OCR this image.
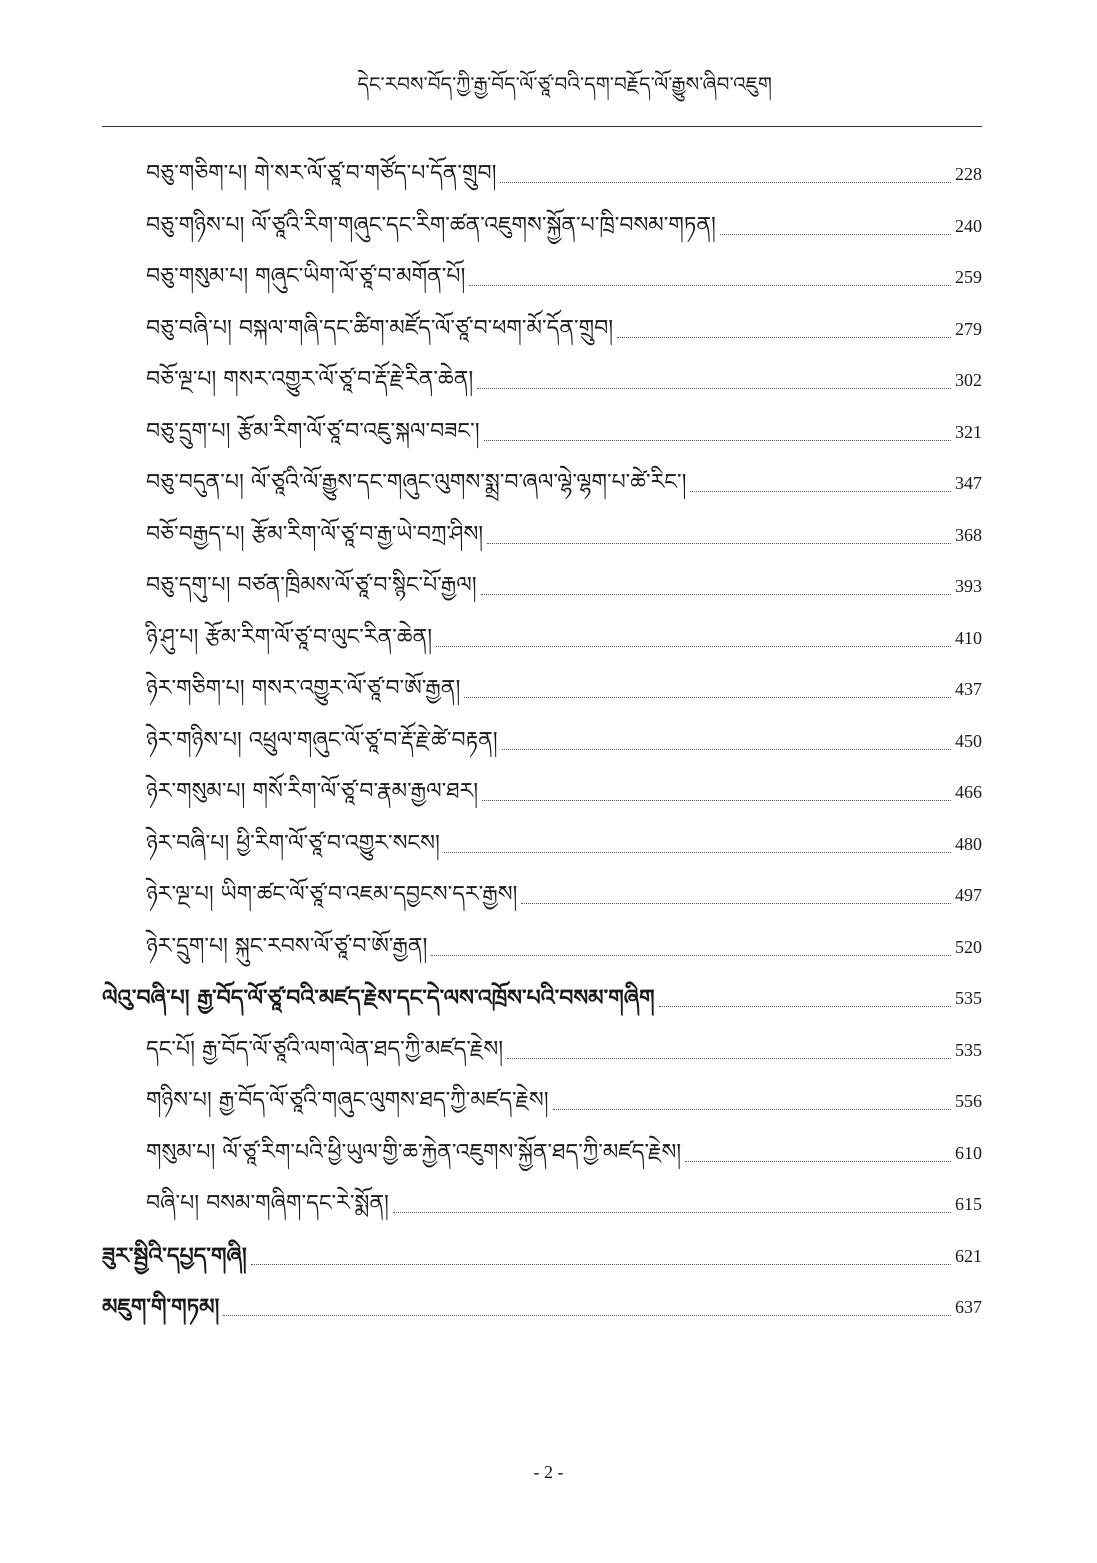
དེང་རབས་བོད་ཀྱི་རྒྱ་བོད་ལོ་ཙཱ་བའི་དག་བརྗོད་ལོ་རྒྱུས་ཞིབ་འཇུག
བཅུ་གཅིག་པ། གེ་སར་ལོ་ཙཱ་བ་གཙོད་པ་དོན་གྲུབ།	228
བཅུ་གཉིས་པ། ལོ་ཙཱའི་རིག་གཞུང་དང་རིག་ཚན་འཇུགས་སྐྱོན་པ་ཁྲི་བསམ་གཏན།	240
བཅུ་གསུམ་པ། གཞུང་ཡིག་ལོ་ཙཱ་བ་མགོན་པོ།	259
བཅུ་བཞི་པ། བསྐལ་གཞི་དང་ཚིག་མཛོད་ལོ་ཙཱ་བ་ཕག་མོ་དོན་གྲུབ།	279
བཅོ་ལྔ་པ། གསར་འགྱུར་ལོ་ཙཱ་བ་རྡོ་རྗེ་རིན་ཆེན།	302
བཅུ་དྲུག་པ། རྩོམ་རིག་ལོ་ཙཱ་བ་འཇུ་སྐལ་བཟང་།	321
བཅུ་བདུན་པ། ལོ་ཙཱའི་ལོ་རྒྱུས་དང་གཞུང་ལུགས་སྨྲ་བ་ཞལ་ལྷེ་ལྷག་པ་ཚེ་རིང་།	347
བཅོ་བརྒྱད་པ། རྩོམ་རིག་ལོ་ཙཱ་བ་རྒྱ་ཡེ་བཀྲ་ཤིས།	368
བཅུ་དགུ་པ། བཙན་ཁྲིམས་ལོ་ཙཱ་བ་སྙིང་པོ་རྒྱལ།	393
ཉི་ཤུ་པ། རྩོམ་རིག་ལོ་ཙཱ་བ་ལུང་རིན་ཆེན།	410
ཉེར་གཅིག་པ། གསར་འགྱུར་ལོ་ཙཱ་བ་ཨོ་རྒྱན།	437
ཉེར་གཉིས་པ། འཕྲུལ་གཞུང་ལོ་ཙཱ་བ་རྡོ་རྗེ་ཚེ་བརྟན།	450
ཉེར་གསུམ་པ། གསོ་རིག་ལོ་ཙཱ་བ་རྣམ་རྒྱལ་ཐར།	466
ཉེར་བཞི་པ། ཕྱི་རིག་ལོ་ཙཱ་བ་འགྱུར་སངས།	480
ཉེར་ལྔ་པ། ཡིག་ཚང་ལོ་ཙཱ་བ་འཇམ་དབྱངས་དར་རྒྱས།	497
ཉེར་དྲུག་པ། སྐུང་རབས་ལོ་ཙཱ་བ་ཨོ་རྒྱན།	520
ལེའུ་བཞི་པ། རྒྱ་བོད་ལོ་ཙཱ་བའི་མཛད་རྗེས་དང་དེ་ལས་འཁྲོས་པའི་བསམ་གཞིག	535
དང་པོ། རྒྱ་བོད་ལོ་ཙཱའི་ལག་ལེན་ཐད་ཀྱི་མཛད་རྗེས།	535
གཉིས་པ། རྒྱ་བོད་ལོ་ཙཱའི་གཞུང་ལུགས་ཐད་ཀྱི་མཛད་རྗེས།	556
གསུམ་པ། ལོ་ཙཱ་རིག་པའི་ཕྱི་ཡུལ་གྱི་ཆ་རྐྱེན་འཇུགས་སྐྱོན་ཐད་ཀྱི་མཛད་རྗེས།	610
བཞི་པ། བསམ་གཞིག་དང་རེ་སྨོན།	615
ཟུར་སྦྱིའི་དཔྱད་གཞི།	621
མཇུག་གི་གཏམ།	637
- 2 -
